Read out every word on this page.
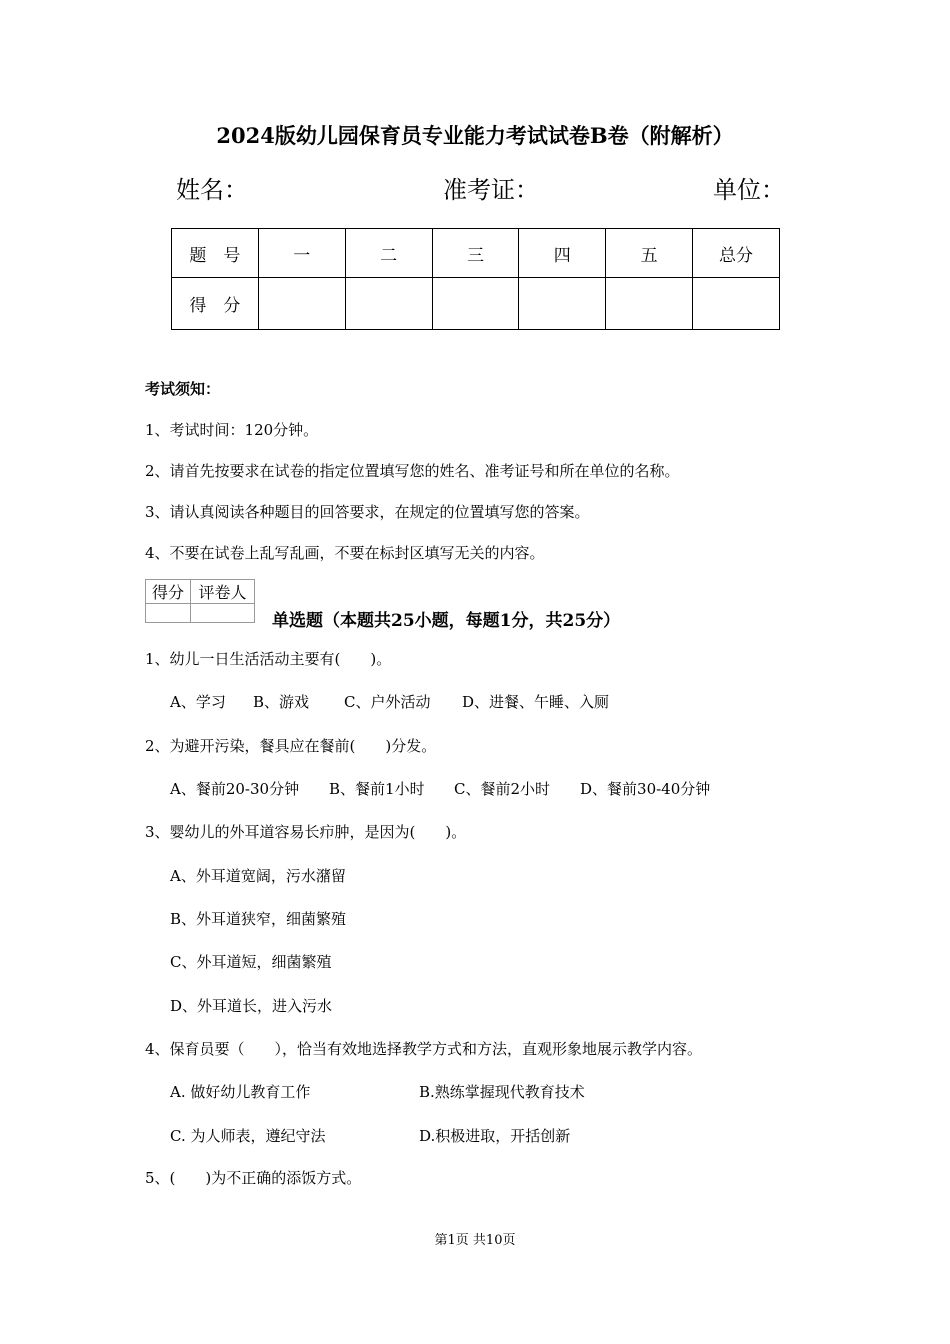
2024版幼儿园保育员专业能力考试试卷B卷（附解析）
姓名：	准考证：	单位：
题　号	一	二	三	四	五	总分
得　分						
考试须知：
1、考试时间：120分钟。
2、请首先按要求在试卷的指定位置填写您的姓名、准考证号和所在单位的名称。
3、请认真阅读各种题目的回答要求，在规定的位置填写您的答案。
4、不要在试卷上乱写乱画，不要在标封区填写无关的内容。
得分	评卷人

单选题（本题共25小题，每题1分，共25分）
1、幼儿一日生活活动主要有(　　)。
A、学习 B、游戏 C、户外活动 D、进餐、午睡、入厕
2、为避开污染，餐具应在餐前(　　)分发。
A、餐前20-30分钟 B、餐前1小时 C、餐前2小时 D、餐前30-40分钟
3、婴幼儿的外耳道容易长疖肿，是因为(　　)。
A、外耳道宽阔，污水潴留
B、外耳道狭窄，细菌繁殖
C、外耳道短，细菌繁殖
D、外耳道长，进入污水
4、保育员要（　　），恰当有效地选择教学方式和方法，直观形象地展示教学内容。
A. 做好幼儿教育工作	B.熟练掌握现代教育技术
C. 为人师表，遵纪守法	D.积极进取，开括创新
5、(　　)为不正确的添饭方式。
第1页 共10页
